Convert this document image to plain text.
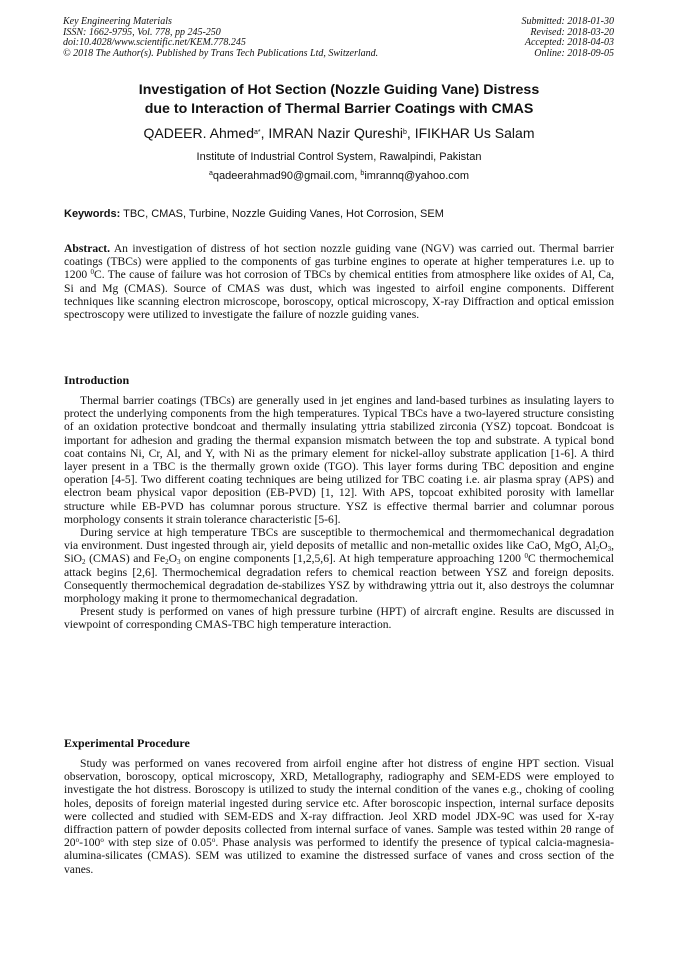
Key Engineering Materials
ISSN: 1662-9795, Vol. 778, pp 245-250
doi:10.4028/www.scientific.net/KEM.778.245
© 2018 The Author(s). Published by Trans Tech Publications Ltd, Switzerland.
Submitted: 2018-01-30
Revised: 2018-03-20
Accepted: 2018-04-03
Online: 2018-09-05
Investigation of Hot Section (Nozzle Guiding Vane) Distress
due to Interaction of Thermal Barrier Coatings with CMAS
QADEER. Ahmed$^{a*}$, IMRAN Nazir Qureshi$^b$, IFIKHAR Us Salam
Institute of Industrial Control System, Rawalpindi, Pakistan
$^a$qadeerahmad90@gmail.com, $^b$imrannq@yahoo.com
Keywords: TBC, CMAS, Turbine, Nozzle Guiding Vanes, Hot Corrosion, SEM

Abstract. An investigation of distress of hot section nozzle guiding vane (NGV) was carried out. Thermal barrier coatings (TBCs) were applied to the components of gas turbine engines to operate at higher temperatures i.e. up to 1200 $^0$C. The cause of failure was hot corrosion of TBCs by chemical entities from atmosphere like oxides of Al, Ca, Si and Mg (CMAS). Source of CMAS was dust, which was ingested to airfoil engine components. Different techniques like scanning electron microscope, boroscopy, optical microscopy, X-ray Diffraction and optical emission spectroscopy were utilized to investigate the failure of nozzle guiding vanes.

Introduction

Thermal barrier coatings (TBCs) are generally used in jet engines and land-based turbines as insulating layers to protect the underlying components from the high temperatures. Typical TBCs have a two-layered structure consisting of an oxidation protective bondcoat and thermally insulating yttria stabilized zirconia (YSZ) topcoat. Bondcoat is important for adhesion and grading the thermal expansion mismatch between the top and substrate. A typical bond coat contains Ni, Cr, Al, and Y, with Ni as the primary element for nickel-alloy substrate application [1-6]. A third layer present in a TBC is the thermally grown oxide (TGO). This layer forms during TBC deposition and engine operation [4-5]. Two different coating techniques are being utilized for TBC coating i.e. air plasma spray (APS) and electron beam physical vapor deposition (EB-PVD) [1, 12]. With APS, topcoat exhibited porosity with lamellar structure while EB-PVD has columnar porous structure. YSZ is effective thermal barrier and columnar porous morphology consents it strain tolerance characteristic [5-6].

During service at high temperature TBCs are susceptible to thermochemical and thermomechanical degradation via environment. Dust ingested through air, yield deposits of metallic and non-metallic oxides like CaO, MgO, $Al_2O_3$, SiO$_2$ (CMAS) and $Fe_2O_3$ on engine components [1,2,5,6]. At high temperature approaching 1200 $^0$C thermochemical attack begins [2,6]. Thermochemical degradation refers to chemical reaction between YSZ and foreign deposits. Consequently thermochemical degradation de-stabilizes YSZ by withdrawing yttria out it, also destroys the columnar morphology making it prone to thermomechanical degradation.

Present study is performed on vanes of high pressure turbine (HPT) of aircraft engine. Results are discussed in viewpoint of corresponding CMAS-TBC high temperature interaction.

Experimental Procedure

Study was performed on vanes recovered from airfoil engine after hot distress of engine HPT section. Visual observation, boroscopy, optical microscopy, XRD, Metallography, radiography and SEM-EDS were employed to investigate the hot distress. Boroscopy is utilized to study the internal condition of the vanes e.g., choking of cooling holes, deposits of foreign material ingested during service etc. After boroscopic inspection, internal surface deposits were collected and studied with SEM-EDS and X-ray diffraction. Jeol XRD model JDX-9C was used for X-ray diffraction pattern of powder deposits collected from internal surface of vanes. Sample was tested within 2θ range of 20$^o$-100$^o$ with step size of 0.05$^o$. Phase analysis was performed to identify the presence of typical calcia-magnesia-alumina-silicates (CMAS). SEM was utilized to examine the distressed surface of vanes and cross section of the vanes.
